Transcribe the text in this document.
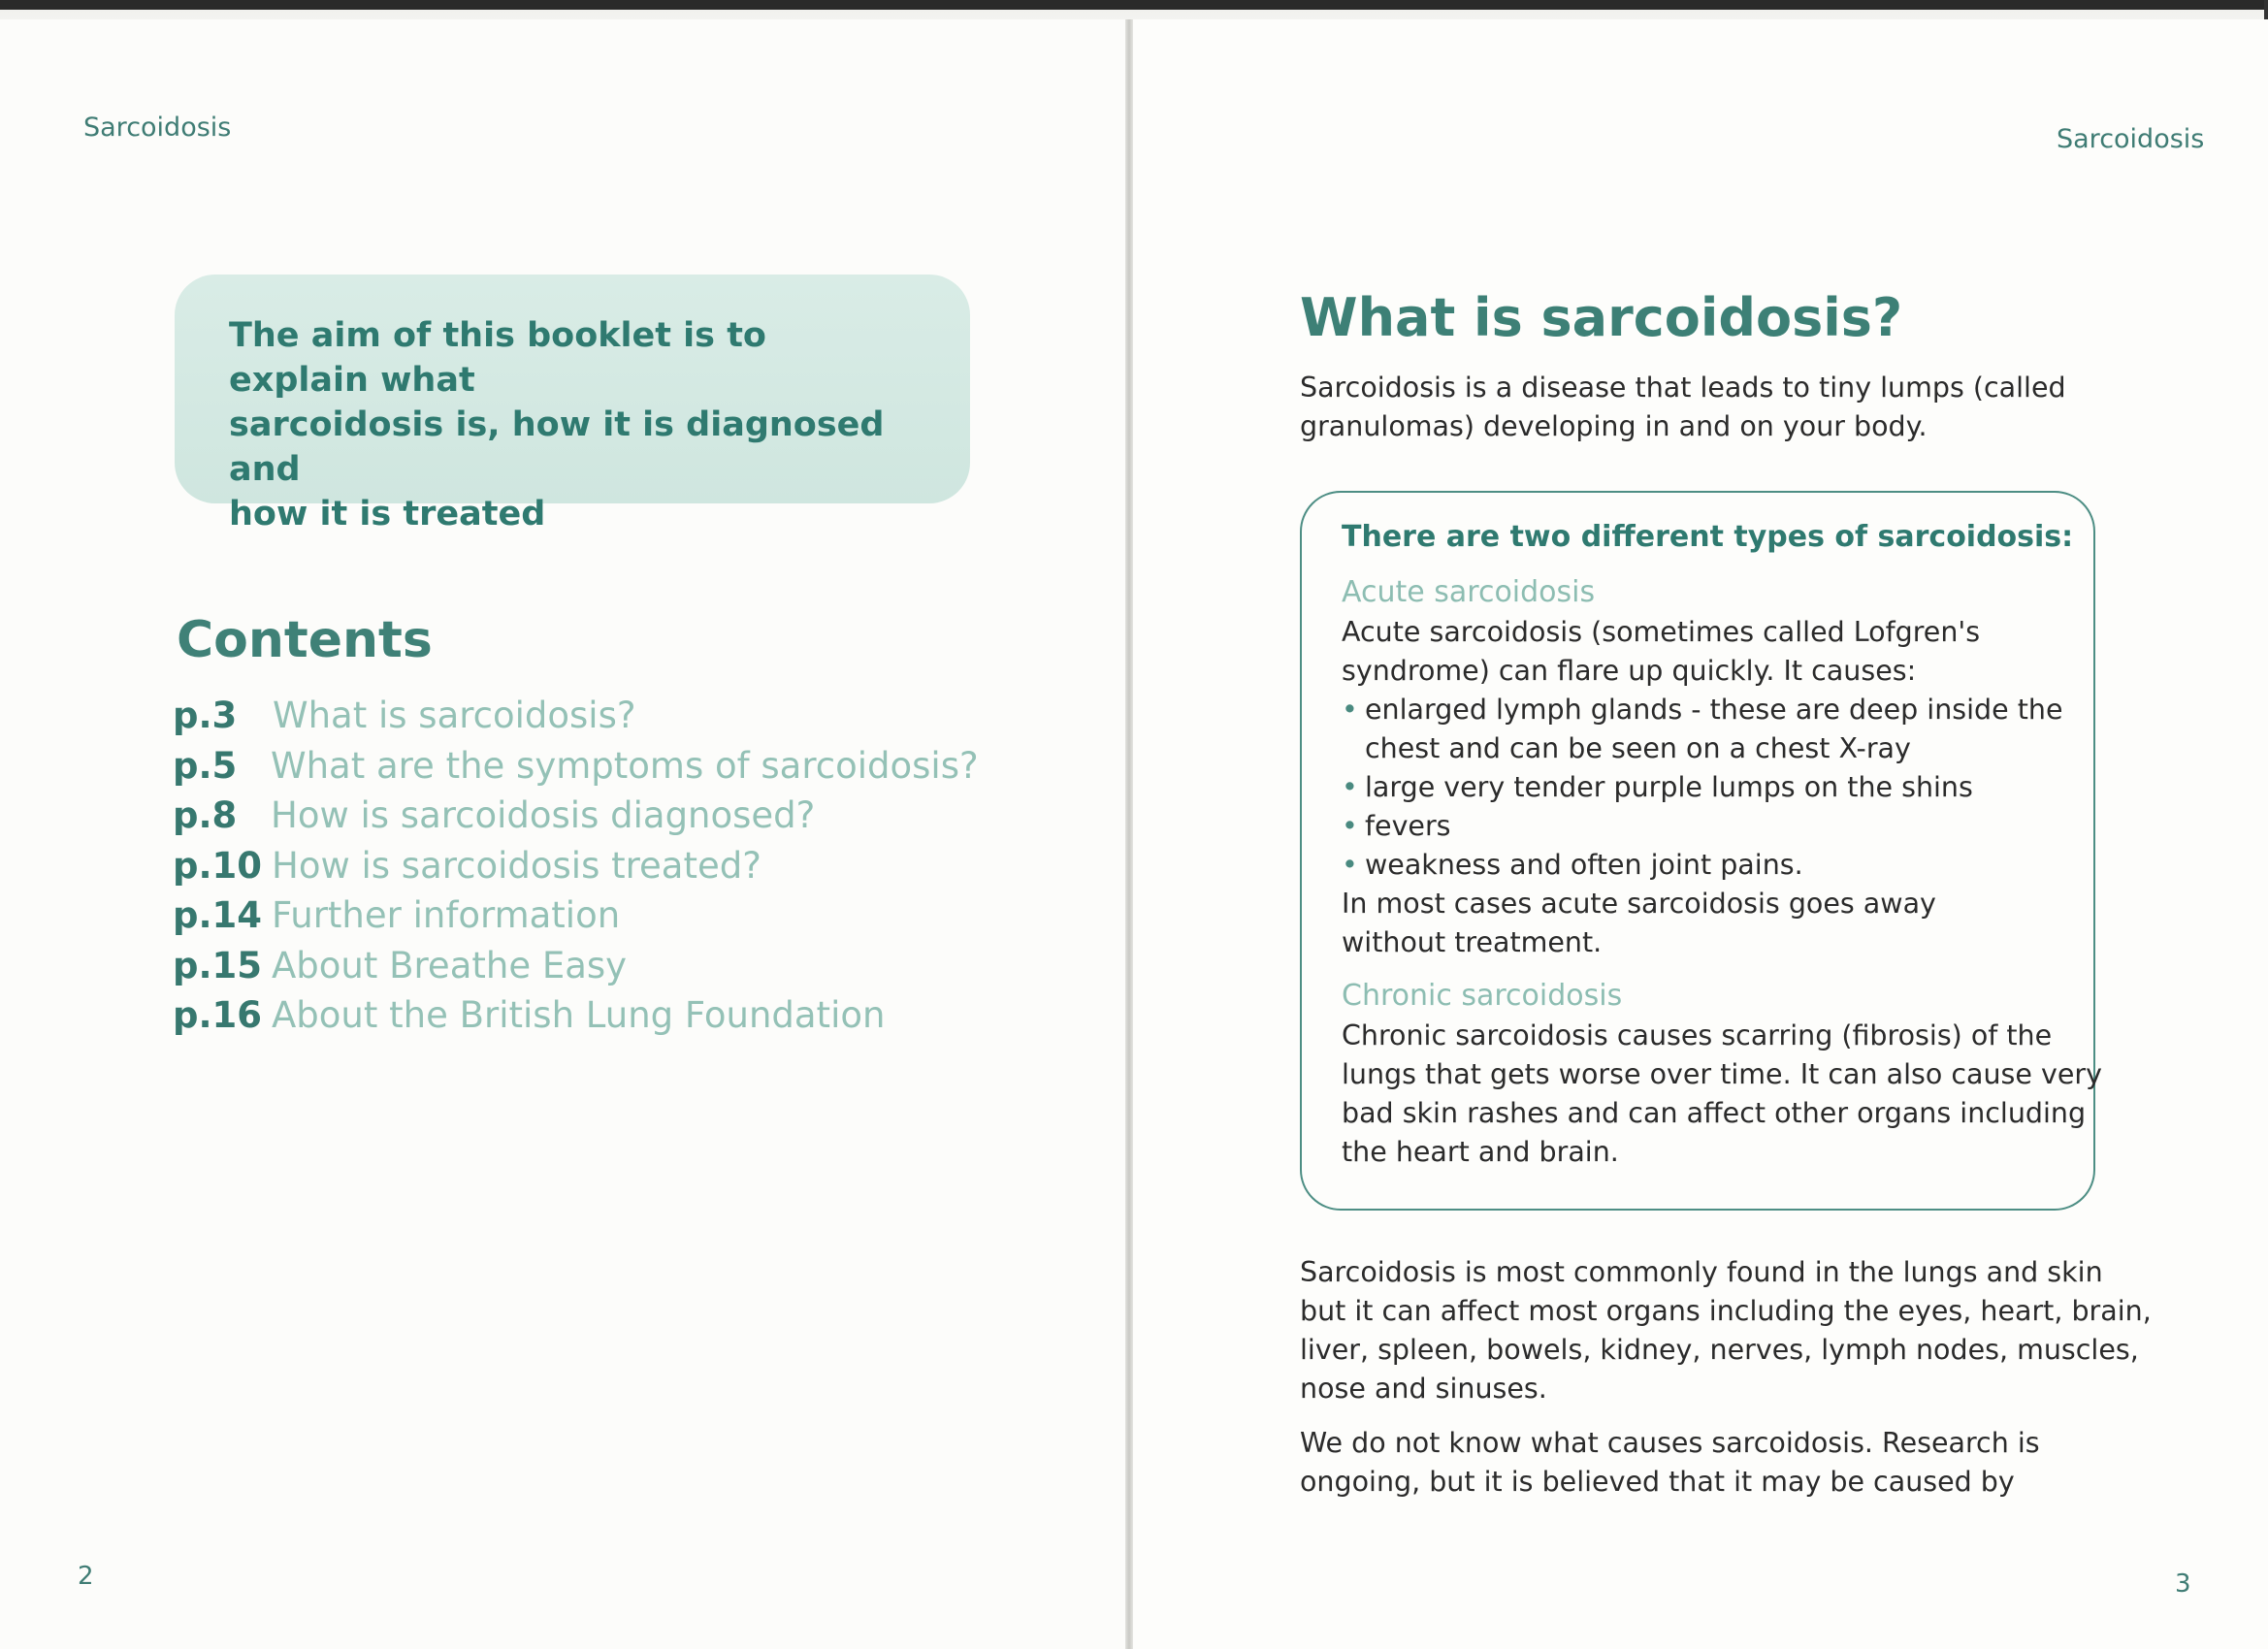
Sarcoidosis
The aim of this booklet is to explain what
sarcoidosis is, how it is diagnosed and
how it is treated
Contents
p.3 What is sarcoidosis?
p.5 What are the symptoms of sarcoidosis?
p.8 How is sarcoidosis diagnosed?
p.10 How is sarcoidosis treated?
p.14 Further information
p.15 About Breathe Easy
p.16 About the British Lung Foundation
2
Sarcoidosis
What is sarcoidosis?
Sarcoidosis is a disease that leads to tiny lumps (called
granulomas) developing in and on your body.
There are two different types of sarcoidosis:
Acute sarcoidosis
Acute sarcoidosis (sometimes called Lofgren's
syndrome) can flare up quickly. It causes:
• enlarged lymph glands - these are deep inside the
chest and can be seen on a chest X-ray
• large very tender purple lumps on the shins
• fevers
• weakness and often joint pains.
In most cases acute sarcoidosis goes away
without treatment.
Chronic sarcoidosis
Chronic sarcoidosis causes scarring (fibrosis) of the
lungs that gets worse over time. It can also cause very
bad skin rashes and can affect other organs including
the heart and brain.
Sarcoidosis is most commonly found in the lungs and skin
but it can affect most organs including the eyes, heart, brain,
liver, spleen, bowels, kidney, nerves, lymph nodes, muscles,
nose and sinuses.
We do not know what causes sarcoidosis. Research is
ongoing, but it is believed that it may be caused by
3
